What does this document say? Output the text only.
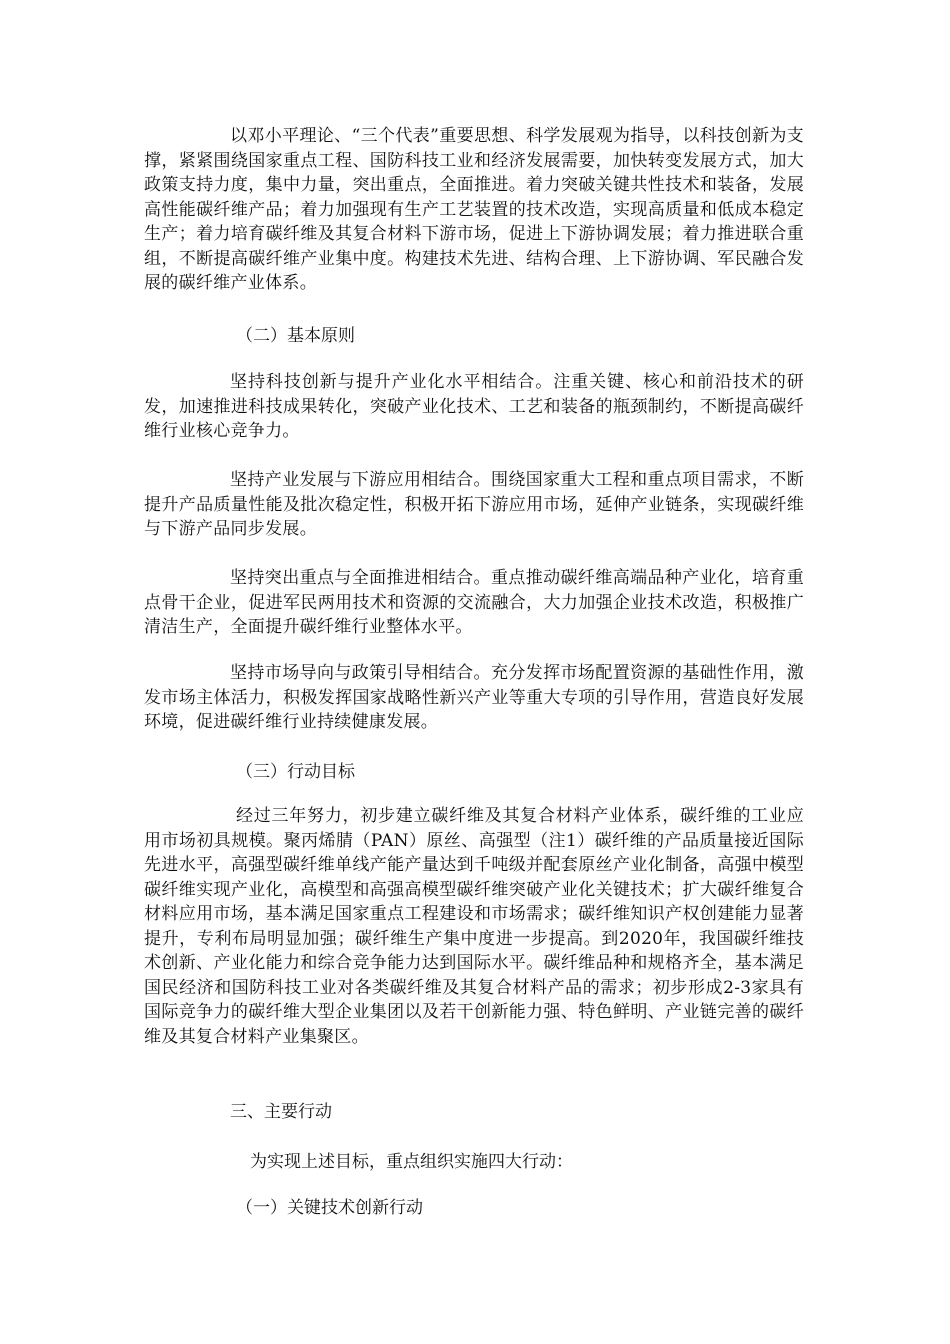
以邓小平理论、“三个代表”重要思想、科学发展观为指导，以科技创新为支撑，紧紧围绕国家重点工程、国防科技工业和经济发展需要，加快转变发展方式，加大政策支持力度，集中力量，突出重点，全面推进。着力突破关键共性技术和装备，发展高性能碳纤维产品；着力加强现有生产工艺装置的技术改造，实现高质量和低成本稳定生产；着力培育碳纤维及其复合材料下游市场，促进上下游协调发展；着力推进联合重组，不断提高碳纤维产业集中度。构建技术先进、结构合理、上下游协调、军民融合发展的碳纤维产业体系。

（二）基本原则

坚持科技创新与提升产业化水平相结合。注重关键、核心和前沿技术的研发，加速推进科技成果转化，突破产业化技术、工艺和装备的瓶颈制约，不断提高碳纤维行业核心竞争力。

坚持产业发展与下游应用相结合。围绕国家重大工程和重点项目需求，不断提升产品质量性能及批次稳定性，积极开拓下游应用市场，延伸产业链条，实现碳纤维与下游产品同步发展。

坚持突出重点与全面推进相结合。重点推动碳纤维高端品种产业化，培育重点骨干企业，促进军民两用技术和资源的交流融合，大力加强企业技术改造，积极推广清洁生产，全面提升碳纤维行业整体水平。

坚持市场导向与政策引导相结合。充分发挥市场配置资源的基础性作用，激发市场主体活力，积极发挥国家战略性新兴产业等重大专项的引导作用，营造良好发展环境，促进碳纤维行业持续健康发展。

（三）行动目标

经过三年努力，初步建立碳纤维及其复合材料产业体系，碳纤维的工业应用市场初具规模。聚丙烯腈（PAN）原丝、高强型（注1）碳纤维的产品质量接近国际先进水平，高强型碳纤维单线产能产量达到千吨级并配套原丝产业化制备，高强中模型碳纤维实现产业化，高模型和高强高模型碳纤维突破产业化关键技术；扩大碳纤维复合材料应用市场，基本满足国家重点工程建设和市场需求；碳纤维知识产权创建能力显著提升，专利布局明显加强；碳纤维生产集中度进一步提高。到2020年，我国碳纤维技术创新、产业化能力和综合竞争能力达到国际水平。碳纤维品种和规格齐全，基本满足国民经济和国防科技工业对各类碳纤维及其复合材料产品的需求；初步形成2-3家具有国际竞争力的碳纤维大型企业集团以及若干创新能力强、特色鲜明、产业链完善的碳纤维及其复合材料产业集聚区。

三、主要行动

为实现上述目标，重点组织实施四大行动：

（一）关键技术创新行动
